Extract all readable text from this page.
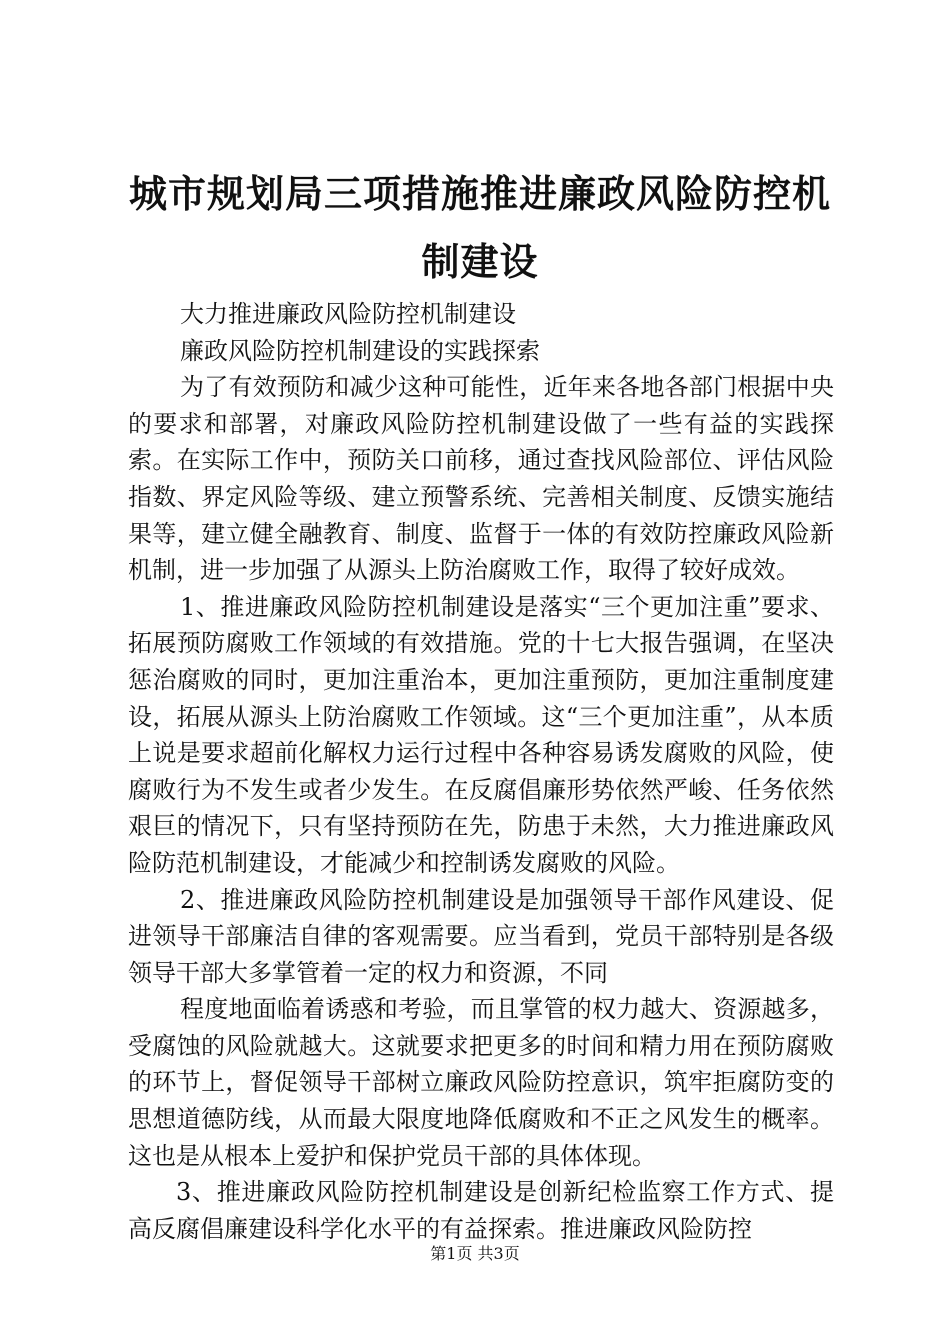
城市规划局三项措施推进廉政风险防控机制建设

大力推进廉政风险防控机制建设

廉政风险防控机制建设的实践探索

为了有效预防和减少这种可能性，近年来各地各部门根据中央的要求和部署，对廉政风险防控机制建设做了一些有益的实践探索。在实际工作中，预防关口前移，通过查找风险部位、评估风险指数、界定风险等级、建立预警系统、完善相关制度、反馈实施结果等，建立健全融教育、制度、监督于一体的有效防控廉政风险新机制，进一步加强了从源头上防治腐败工作，取得了较好成效。

1、推进廉政风险防控机制建设是落实“三个更加注重”要求、拓展预防腐败工作领域的有效措施。党的十七大报告强调，在坚决惩治腐败的同时，更加注重治本，更加注重预防，更加注重制度建设，拓展从源头上防治腐败工作领域。这“三个更加注重”，从本质上说是要求超前化解权力运行过程中各种容易诱发腐败的风险，使腐败行为不发生或者少发生。在反腐倡廉形势依然严峻、任务依然艰巨的情况下，只有坚持预防在先，防患于未然，大力推进廉政风险防范机制建设，才能减少和控制诱发腐败的风险。

2、推进廉政风险防控机制建设是加强领导干部作风建设、促进领导干部廉洁自律的客观需要。应当看到，党员干部特别是各级领导干部大多掌管着一定的权力和资源，不同

程度地面临着诱惑和考验，而且掌管的权力越大、资源越多，受腐蚀的风险就越大。这就要求把更多的时间和精力用在预防腐败的环节上，督促领导干部树立廉政风险防控意识，筑牢拒腐防变的思想道德防线，从而最大限度地降低腐败和不正之风发生的概率。这也是从根本上爱护和保护党员干部的具体体现。

3、推进廉政风险防控机制建设是创新纪检监察工作方式、提高反腐倡廉建设科学化水平的有益探索。推进廉政风险防控

第1页 共3页
